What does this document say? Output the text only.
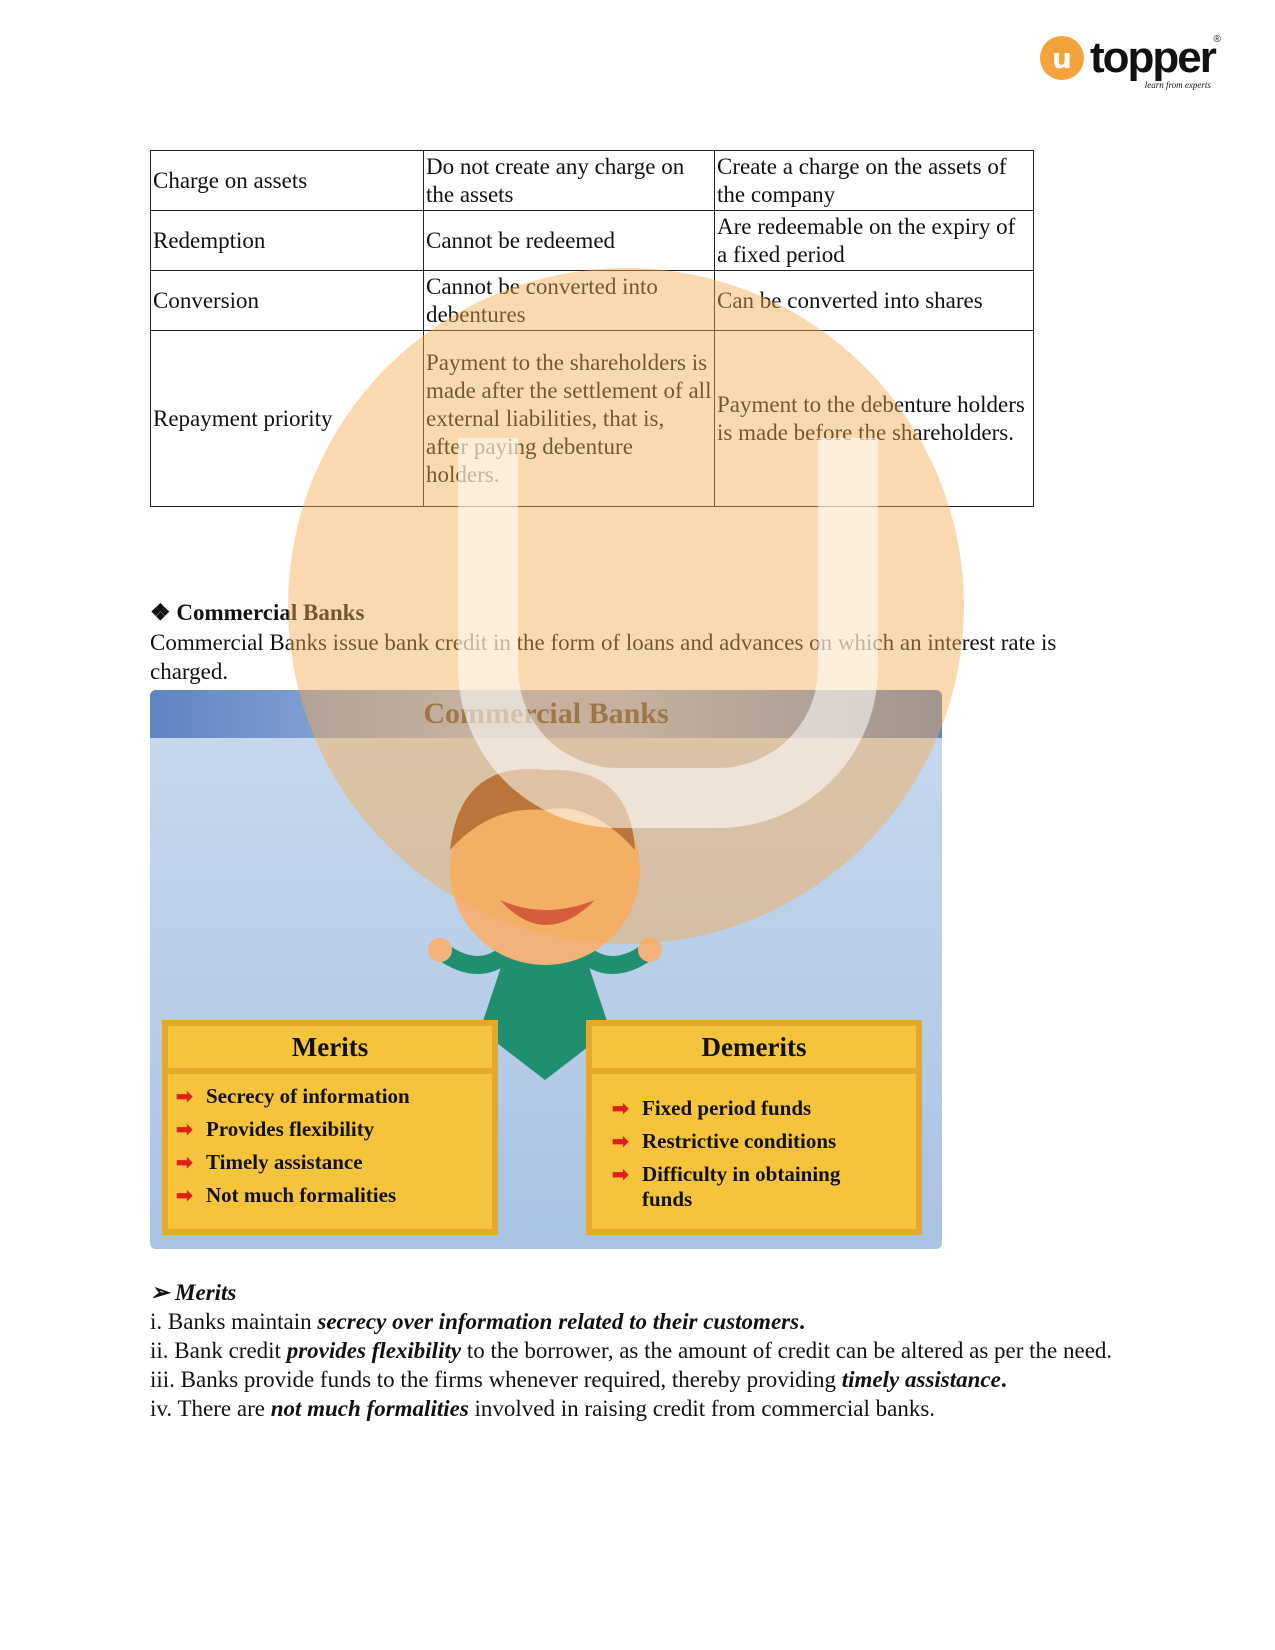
u topper
®
learn from experts
Charge on assets	Do not create any charge on the assets	Create a charge on the assets of the company
Redemption	Cannot be redeemed	Are redeemable on the expiry of a fixed period
Conversion	Cannot be converted into debentures	Can be converted into shares
Repayment priority	Payment to the shareholders is made after the settlement of all external liabilities, that is, after paying debenture holders.	Payment to the debenture holders is made before the shareholders.
❖ Commercial Banks
Commercial Banks issue bank credit in the form of loans and advances on which an interest rate is charged.
Commercial Banks
Merits
➡ Secrecy of information
➡ Provides flexibility
➡ Timely assistance
➡ Not much formalities
Demerits
➡ Fixed period funds
➡ Restrictive conditions
➡ Difficulty in obtaining funds
➢ Merits
i. Banks maintain secrecy over information related to their customers.
ii. Bank credit provides flexibility to the borrower, as the amount of credit can be altered as per the need.
iii. Banks provide funds to the firms whenever required, thereby providing timely assistance.
iv. There are not much formalities involved in raising credit from commercial banks.
